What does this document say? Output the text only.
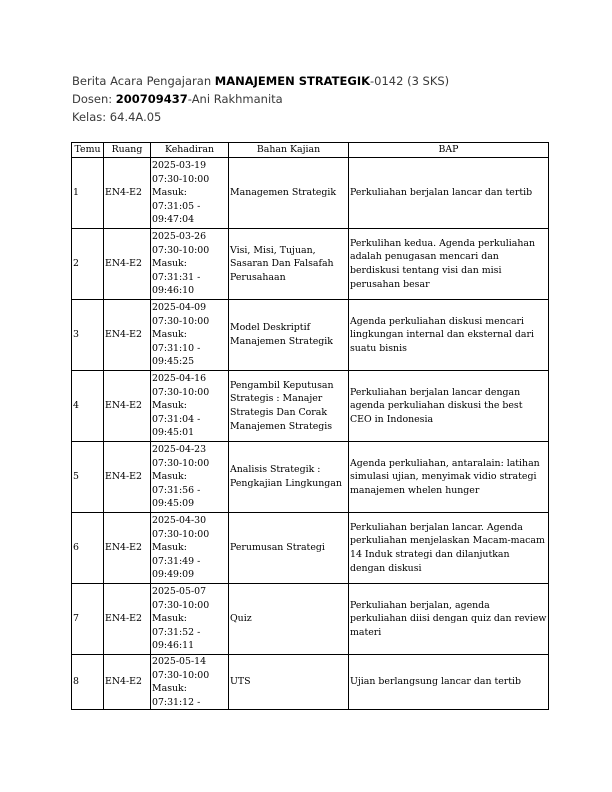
Berita Acara Pengajaran MANAJEMEN STRATEGIK-0142 (3 SKS)
Dosen: 200709437-Ani Rakhmanita
Kelas: 64.4A.05
Temu	Ruang	Kehadiran	Bahan Kajian	BAP
1	EN4-E2	2025-03-19
07:30-10:00
Masuk:
07:31:05 -
09:47:04	Managemen Strategik	Perkuliahan berjalan lancar dan tertib
2	EN4-E2	2025-03-26
07:30-10:00
Masuk:
07:31:31 -
09:46:10	Visi, Misi, Tujuan, Sasaran Dan Falsafah Perusahaan	Perkulihan kedua. Agenda perkuliahan adalah penugasan mencari dan berdiskusi tentang visi dan misi perusahan besar
3	EN4-E2	2025-04-09
07:30-10:00
Masuk:
07:31:10 -
09:45:25	Model Deskriptif Manajemen Strategik	Agenda perkuliahan diskusi mencari lingkungan internal dan eksternal dari suatu bisnis
4	EN4-E2	2025-04-16
07:30-10:00
Masuk:
07:31:04 -
09:45:01	Pengambil Keputusan Strategis : Manajer Strategis Dan Corak Manajemen Strategis	Perkuliahan berjalan lancar dengan agenda perkuliahan diskusi the best CEO in Indonesia
5	EN4-E2	2025-04-23
07:30-10:00
Masuk:
07:31:56 -
09:45:09	Analisis Strategik : Pengkajian Lingkungan	Agenda perkuliahan, antaralain: latihan simulasi ujian, menyimak vidio strategi manajemen whelen hunger
6	EN4-E2	2025-04-30
07:30-10:00
Masuk:
07:31:49 -
09:49:09	Perumusan Strategi	Perkuliahan berjalan lancar. Agenda perkuliahan menjelaskan Macam-macam 14 Induk strategi dan dilanjutkan dengan diskusi
7	EN4-E2	2025-05-07
07:30-10:00
Masuk:
07:31:52 -
09:46:11	Quiz	Perkuliahan berjalan, agenda perkuliahan diisi dengan quiz dan review materi
8	EN4-E2	2025-05-14
07:30-10:00
Masuk:
07:31:12 -	UTS	Ujian berlangsung lancar dan tertib
